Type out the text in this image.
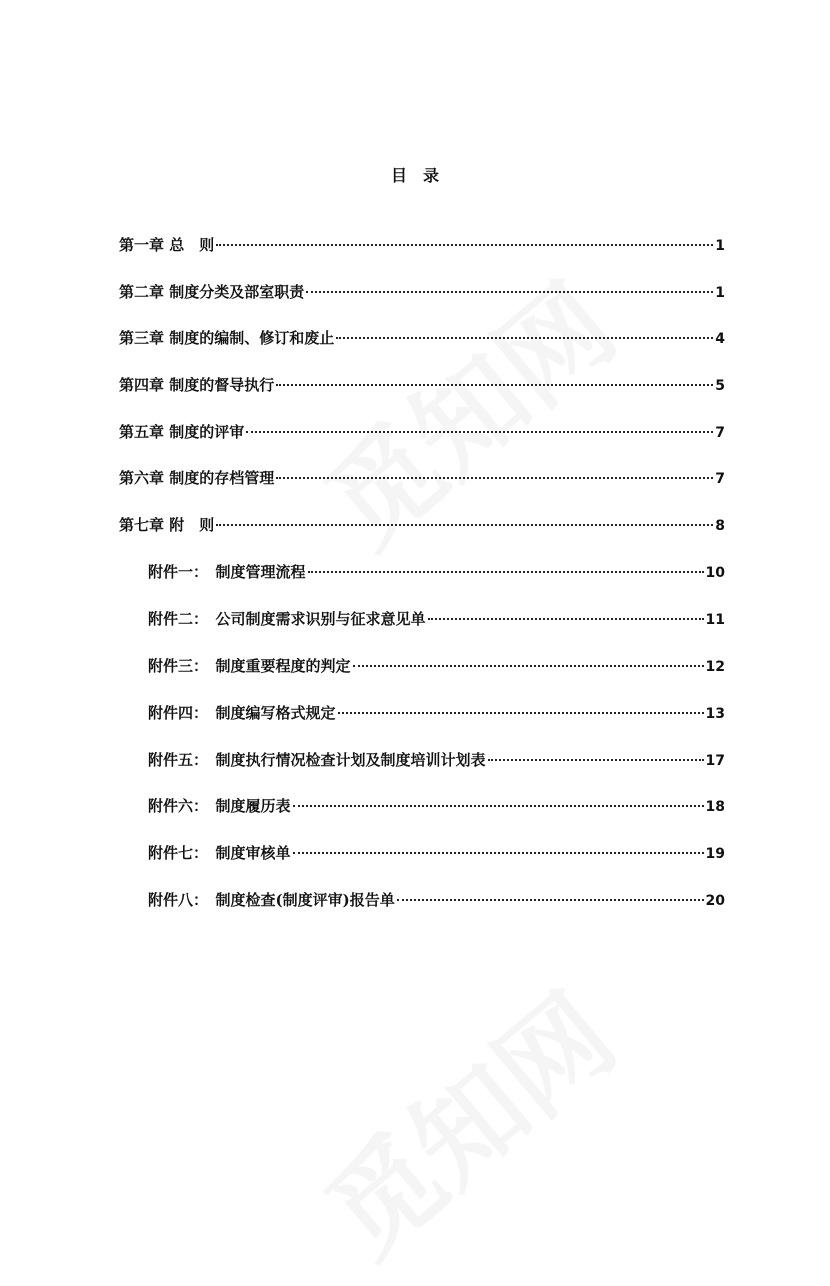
觅知网
觅知网
目　录
第一章 总　则	1
第二章 制度分类及部室职责	1
第三章 制度的编制、修订和废止	4
第四章 制度的督导执行	5
第五章 制度的评审	7
第六章 制度的存档管理	7
第七章 附　则	8
附件一：　制度管理流程	10
附件二：　公司制度需求识别与征求意见单	11
附件三：　制度重要程度的判定	12
附件四：　制度编写格式规定	13
附件五：　制度执行情况检查计划及制度培训计划表	17
附件六：　制度履历表	18
附件七：　制度审核单	19
附件八：　制度检查(制度评审)报告单	20
